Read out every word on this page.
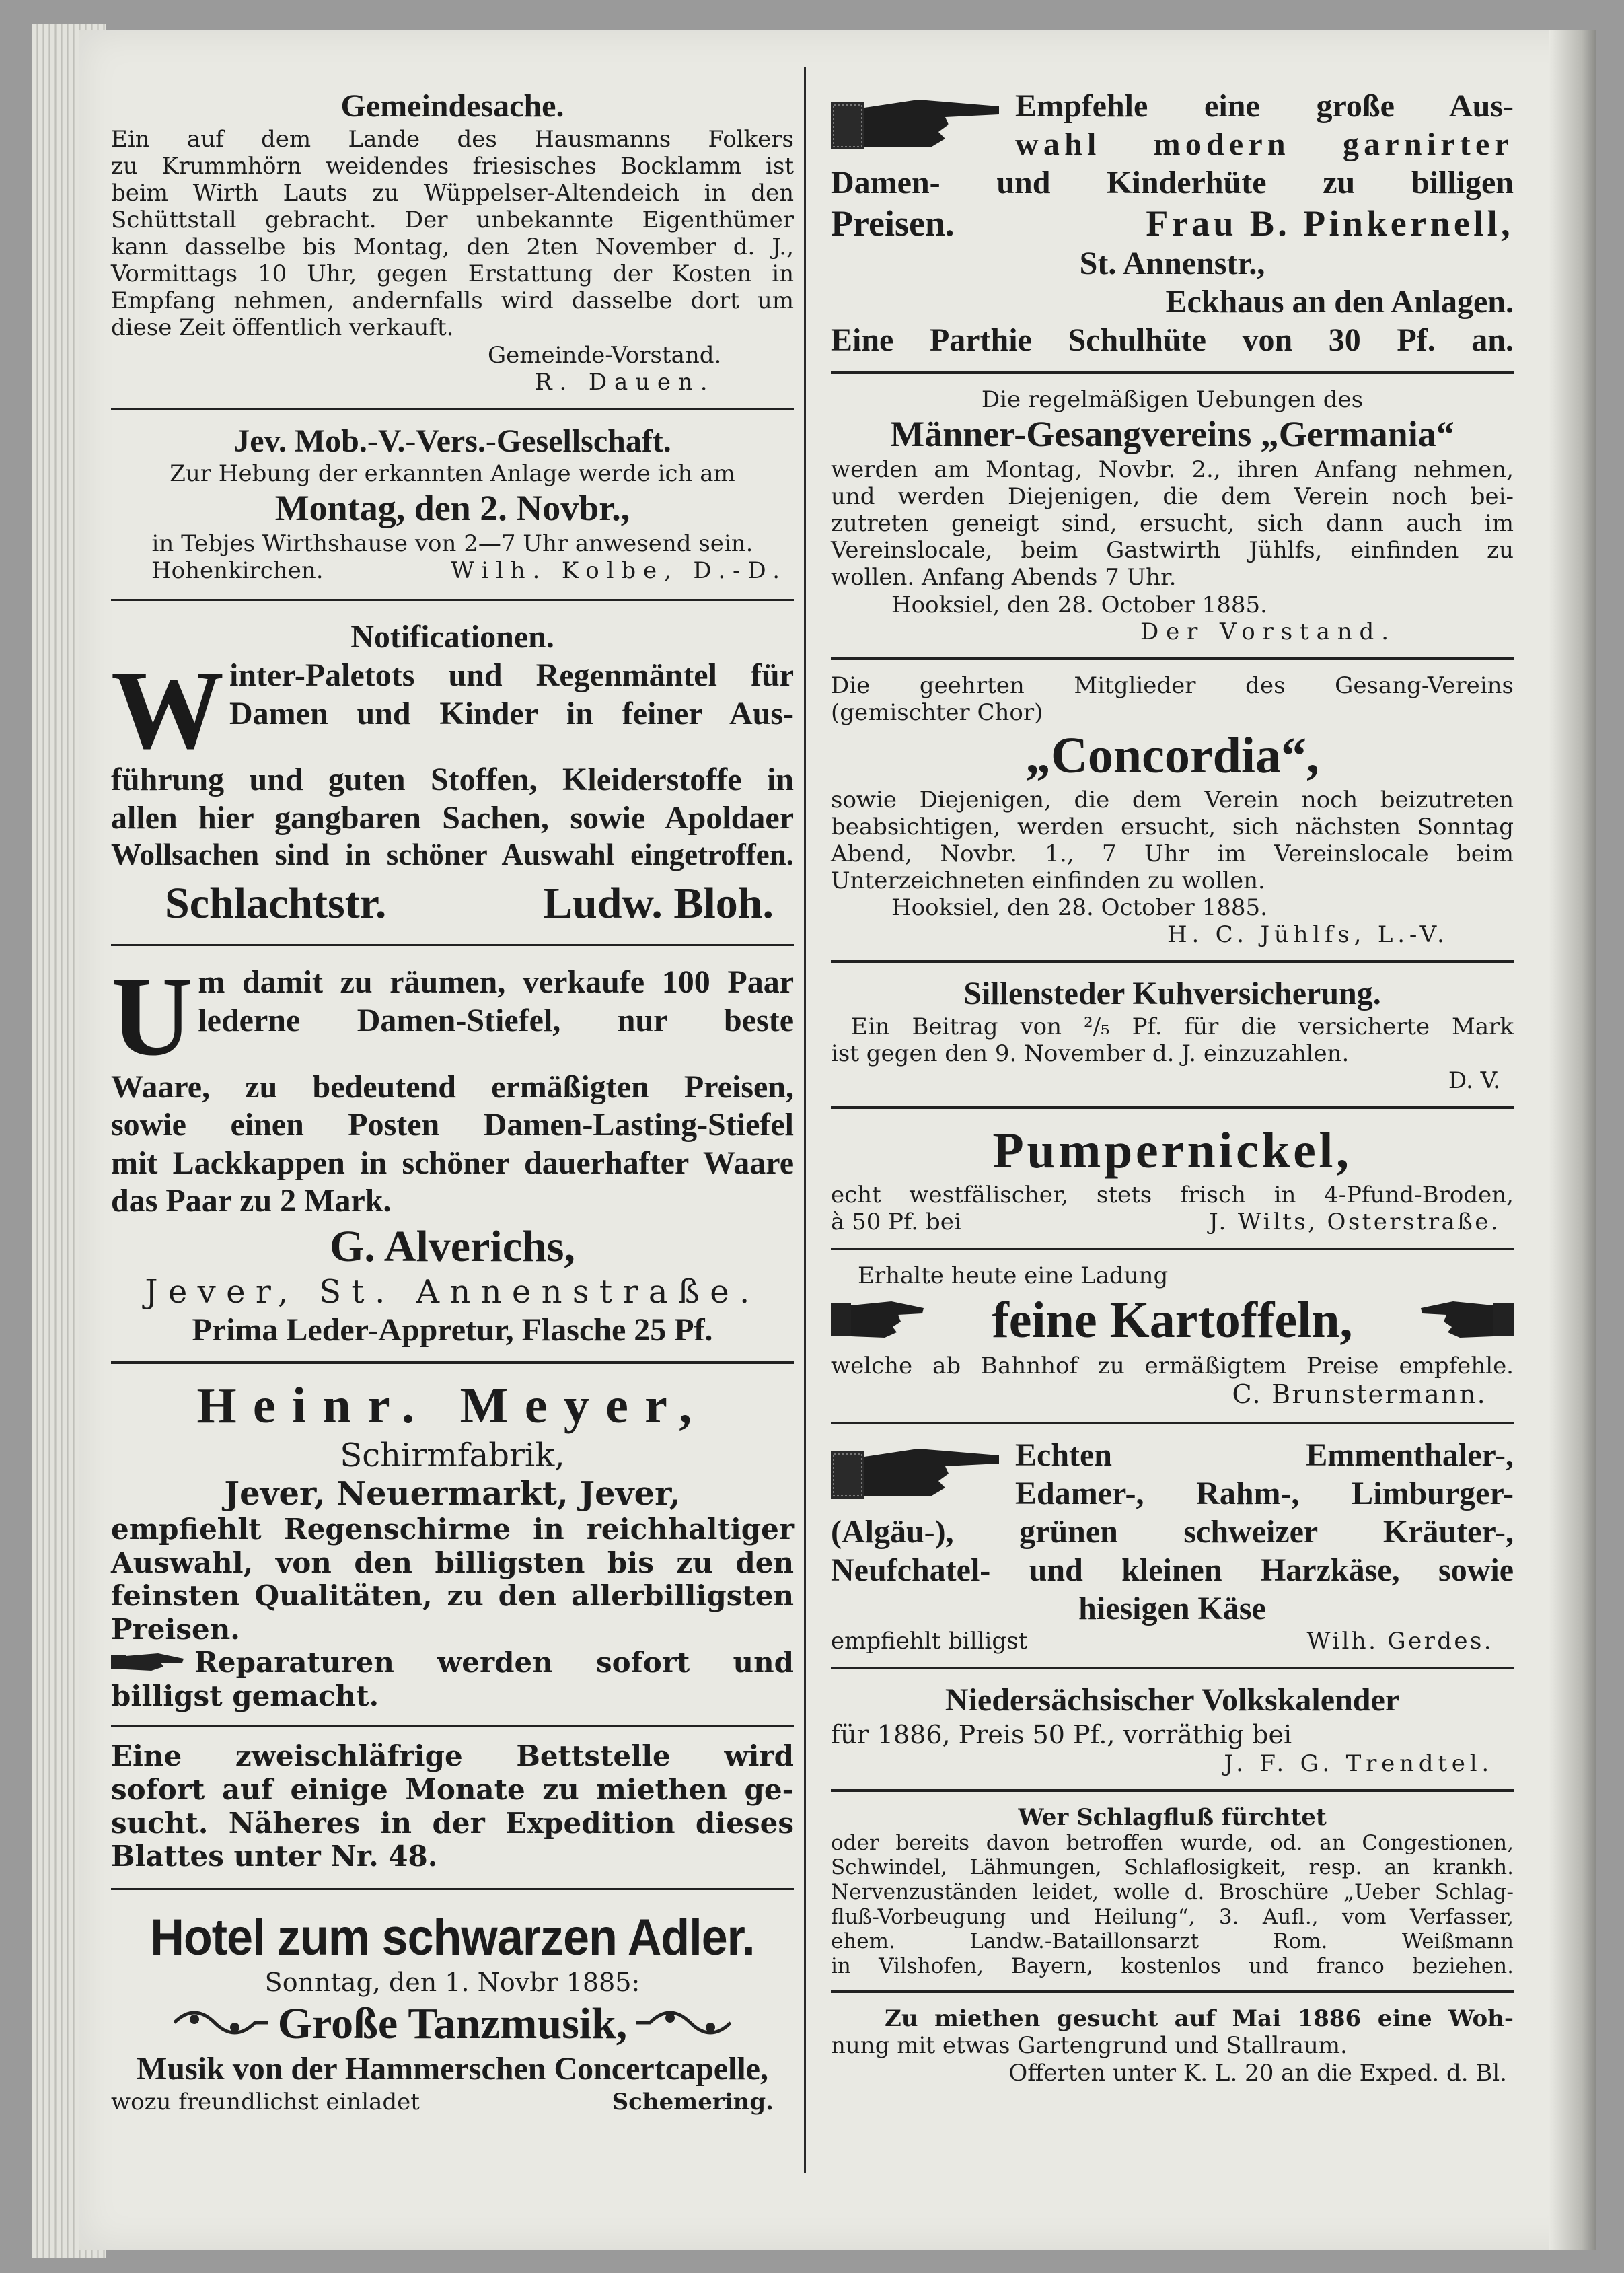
Gemeindesache.
Ein auf dem Lande des Hausmanns Folkers
zu Krummhörn weidendes friesisches Bocklamm ist
beim Wirth Lauts zu Wüppelser-Altendeich in den
Schüttstall gebracht. Der unbekannte Eigenthümer
kann dasselbe bis Montag, den 2ten November d. J.,
Vormittags 10 Uhr, gegen Erstattung der Kosten in
Empfang nehmen, andernfalls wird dasselbe dort um
diese Zeit öffentlich verkauft.
Gemeinde-Vorstand.
R. Dauen.
Jev. Mob.-V.-Vers.-Gesellschaft.
Zur Hebung der erkannten Anlage werde ich am
Montag, den 2. Novbr.,
in Tebjes Wirthshause von 2—7 Uhr anwesend sein.
Hohenkirchen.	Wilh. Kolbe, D.-D.
Notificationen.
W inter-Paletots und Regenmäntel für
Damen und Kinder in feiner Aus-
führung und guten Stoffen, Kleiderstoffe in
allen hier gangbaren Sachen, sowie Apoldaer
Wollsachen sind in schöner Auswahl eingetroffen.
Schlachtstr.	Ludw. Bloh.
U m damit zu räumen, verkaufe 100 Paar
lederne Damen-Stiefel, nur beste
Waare, zu bedeutend ermäßigten Preisen,
sowie einen Posten Damen-Lasting-Stiefel
mit Lackkappen in schöner dauerhafter Waare
das Paar zu 2 Mark.
G. Alverichs,
Jever, St. Annenstraße.
Prima Leder-Appretur, Flasche 25 Pf.
Heinr. Meyer,
Schirmfabrik,
Jever, Neuermarkt, Jever,
empfiehlt Regenschirme in reichhaltiger
Auswahl, von den billigsten bis zu den
feinsten Qualitäten, zu den allerbilligsten
Preisen.
Reparaturen werden sofort und
billigst gemacht.
Eine zweischläfrige Bettstelle wird
sofort auf einige Monate zu miethen ge-
sucht. Näheres in der Expedition dieses
Blattes unter Nr. 48.
Hotel zum schwarzen Adler.
Sonntag, den 1. Novbr 1885:
Große Tanzmusik,
Musik von der Hammerschen Concertcapelle,
wozu freundlichst einladet	Schemering.
Empfehle eine große Aus-
wahl modern garnirter
Damen- und Kinderhüte zu billigen
Preisen.	Frau B. Pinkernell,
St. Annenstr.,
Eckhaus an den Anlagen.
Eine Parthie Schulhüte von 30 Pf. an.
Die regelmäßigen Uebungen des
Männer-Gesangvereins „Germania“
werden am Montag, Novbr. 2., ihren Anfang nehmen,
und werden Diejenigen, die dem Verein noch bei-
zutreten geneigt sind, ersucht, sich dann auch im
Vereinslocale, beim Gastwirth Jühlfs, einfinden zu
wollen. Anfang Abends 7 Uhr.
Hooksiel, den 28. October 1885.
Der Vorstand.
Die geehrten Mitglieder des Gesang-Vereins
(gemischter Chor)
„Concordia“,
sowie Diejenigen, die dem Verein noch beizutreten
beabsichtigen, werden ersucht, sich nächsten Sonntag
Abend, Novbr. 1., 7 Uhr im Vereinslocale beim
Unterzeichneten einfinden zu wollen.
Hooksiel, den 28. October 1885.
H. C. Jühlfs, L.-V.
Sillensteder Kuhversicherung.
Ein Beitrag von ²/₅ Pf. für die versicherte Mark
ist gegen den 9. November d. J. einzuzahlen.
D. V.
Pumpernickel,
echt westfälischer, stets frisch in 4-Pfund-Broden,
à 50 Pf. bei	J. Wilts, Osterstraße.
Erhalte heute eine Ladung
feine Kartoffeln,
welche ab Bahnhof zu ermäßigtem Preise empfehle.
C. Brunstermann.
Echten Emmenthaler-,
Edamer-, Rahm-, Limburger-
(Algäu-), grünen schweizer Kräuter-,
Neufchatel- und kleinen Harzkäse, sowie
hiesigen Käse
empfiehlt billigst	Wilh. Gerdes.
Niedersächsischer Volkskalender
für 1886, Preis 50 Pf., vorräthig bei
J. F. G. Trendtel.
Wer Schlagfluß fürchtet
oder bereits davon betroffen wurde, od. an Congestionen,
Schwindel, Lähmungen, Schlaflosigkeit, resp. an krankh.
Nervenzuständen leidet, wolle d. Broschüre „Ueber Schlag-
fluß-Vorbeugung und Heilung“, 3. Aufl., vom Verfasser,
ehem. Landw.-Bataillonsarzt Rom. Weißmann
in Vilshofen, Bayern, kostenlos und franco beziehen.
Zu miethen gesucht auf Mai 1886 eine Woh-
nung mit etwas Gartengrund und Stallraum.
Offerten unter K. L. 20 an die Exped. d. Bl.
